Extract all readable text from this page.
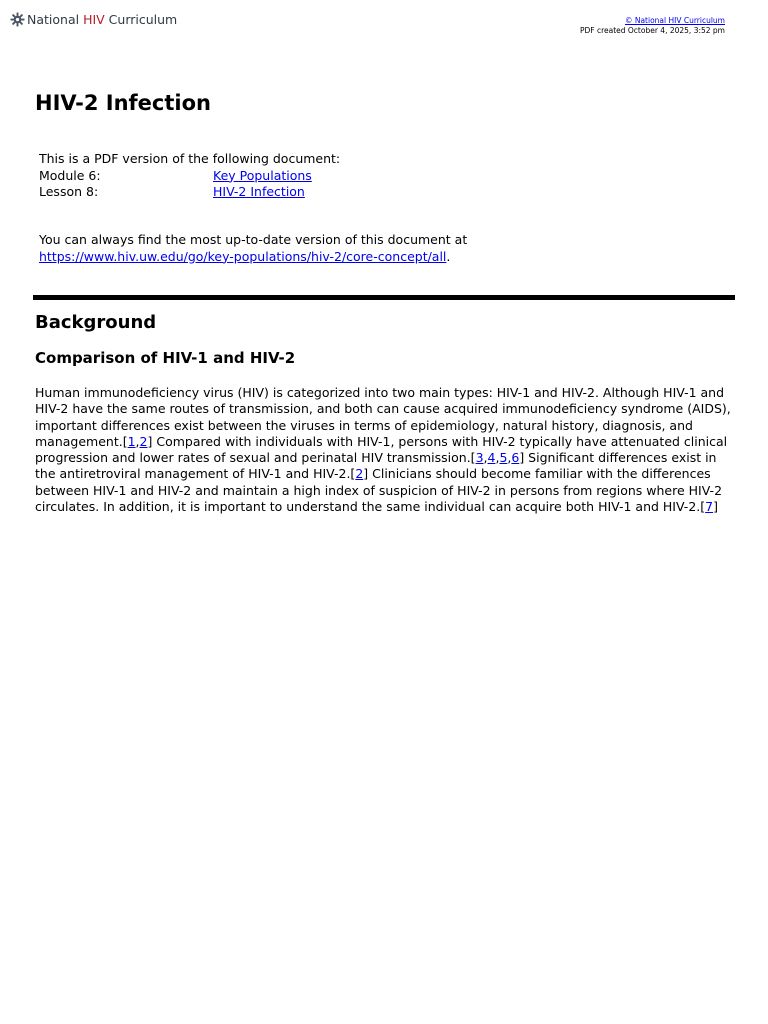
National HIV Curriculum	© National HIV Curriculum
PDF created October 4, 2025, 3:52 pm
HIV-2 Infection
This is a PDF version of the following document:
Module 6:	Key Populations
Lesson 8:	HIV-2 Infection
You can always find the most up-to-date version of this document at
https://www.hiv.uw.edu/go/key-populations/hiv-2/core-concept/all.
Background
Comparison of HIV-1 and HIV-2

Human immunodeficiency virus (HIV) is categorized into two main types: HIV-1 and HIV-2. Although HIV-1 and HIV-2 have the same routes of transmission, and both can cause acquired immunodeficiency syndrome (AIDS), important differences exist between the viruses in terms of epidemiology, natural history, diagnosis, and management.[1,2] Compared with individuals with HIV-1, persons with HIV-2 typically have attenuated clinical progression and lower rates of sexual and perinatal HIV transmission.[3,4,5,6] Significant differences exist in the antiretroviral management of HIV-1 and HIV-2.[2] Clinicians should become familiar with the differences between HIV-1 and HIV-2 and maintain a high index of suspicion of HIV-2 in persons from regions where HIV-2 circulates. In addition, it is important to understand the same individual can acquire both HIV-1 and HIV-2.[7]
